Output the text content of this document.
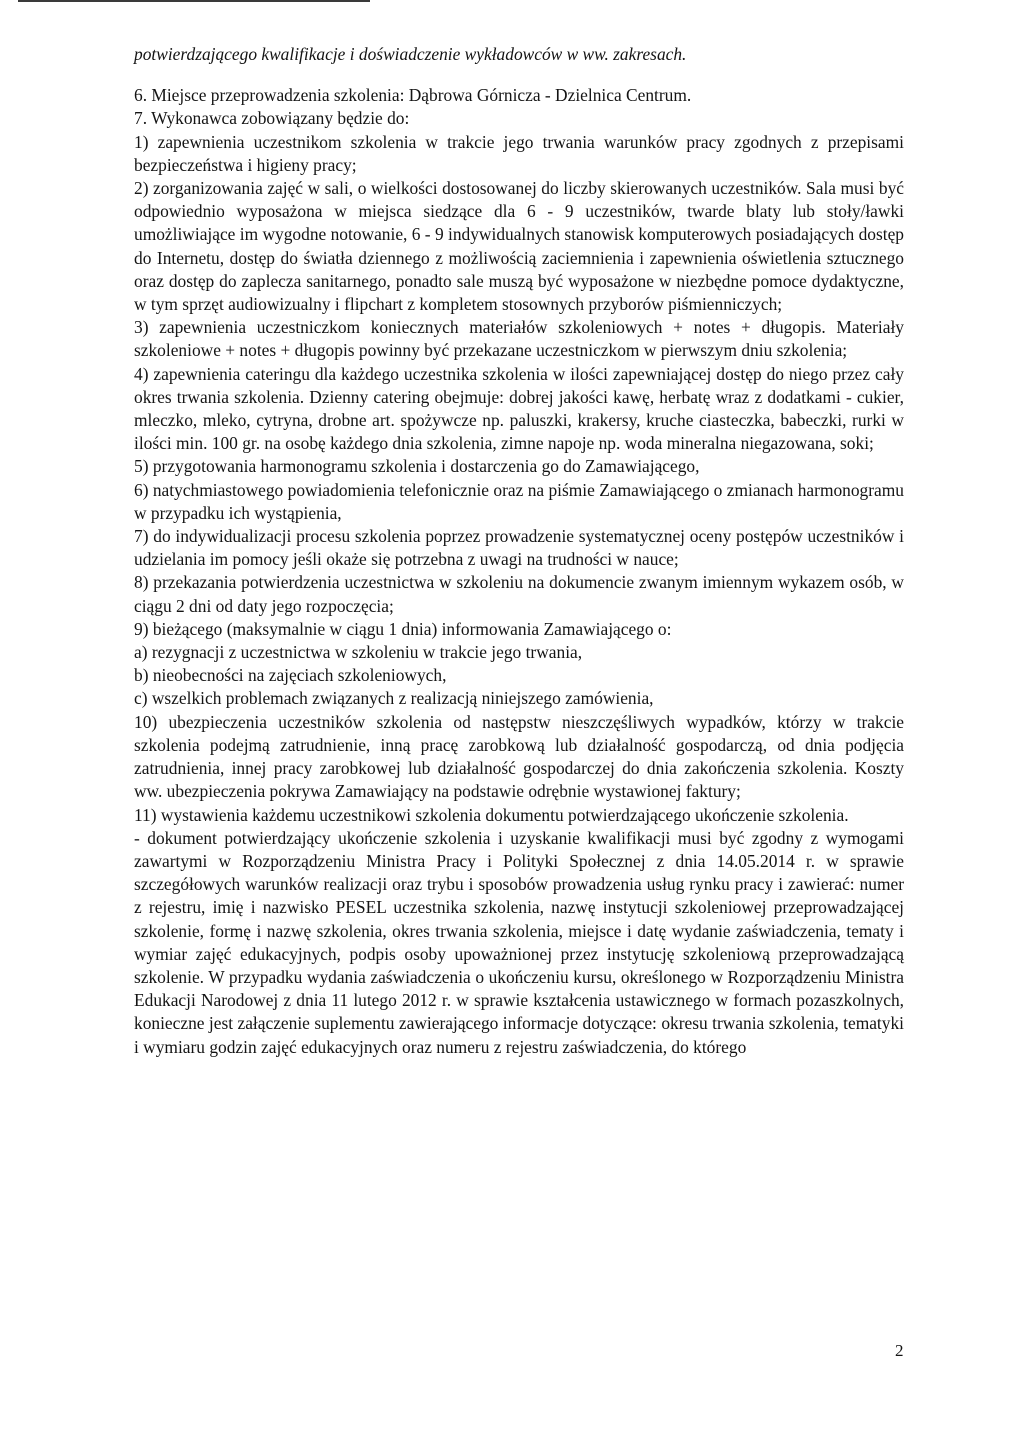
potwierdzającego kwalifikacje i doświadczenie wykładowców w ww. zakresach.

6. Miejsce przeprowadzenia szkolenia: Dąbrowa Górnicza - Dzielnica Centrum.

7. Wykonawca zobowiązany będzie do:

1) zapewnienia uczestnikom szkolenia w trakcie jego trwania warunków pracy zgodnych z przepisami bezpieczeństwa i higieny pracy;

2) zorganizowania zajęć w sali, o wielkości dostosowanej do liczby skierowanych uczestników. Sala musi być odpowiednio wyposażona w miejsca siedzące dla 6 - 9 uczestników, twarde blaty lub stoły/ławki umożliwiające im wygodne notowanie, 6 - 9 indywidualnych stanowisk komputerowych posiadających dostęp do Internetu, dostęp do światła dziennego z możliwością zaciemnienia i zapewnienia oświetlenia sztucznego oraz dostęp do zaplecza sanitarnego, ponadto sale muszą być wyposażone w niezbędne pomoce dydaktyczne, w tym sprzęt audiowizualny i flipchart z kompletem stosownych przyborów piśmienniczych;

3) zapewnienia uczestniczkom koniecznych materiałów szkoleniowych + notes + długopis. Materiały szkoleniowe + notes + długopis powinny być przekazane uczestniczkom w pierwszym dniu szkolenia;

4) zapewnienia cateringu dla każdego uczestnika szkolenia w ilości zapewniającej dostęp do niego przez cały okres trwania szkolenia. Dzienny catering obejmuje: dobrej jakości kawę, herbatę wraz z dodatkami - cukier, mleczko, mleko, cytryna, drobne art. spożywcze np. paluszki, krakersy, kruche ciasteczka, babeczki, rurki w ilości min. 100 gr. na osobę każdego dnia szkolenia, zimne napoje np. woda mineralna niegazowana, soki;

5) przygotowania harmonogramu szkolenia i dostarczenia go do Zamawiającego,

6) natychmiastowego powiadomienia telefonicznie oraz na piśmie Zamawiającego o zmianach harmonogramu w przypadku ich wystąpienia,

7) do indywidualizacji procesu szkolenia poprzez prowadzenie systematycznej oceny postępów uczestników i udzielania im pomocy jeśli okaże się potrzebna z uwagi na trudności w nauce;

8) przekazania potwierdzenia uczestnictwa w szkoleniu na dokumencie zwanym imiennym wykazem osób, w ciągu 2 dni od daty jego rozpoczęcia;

9) bieżącego (maksymalnie w ciągu 1 dnia) informowania Zamawiającego o:

a) rezygnacji z uczestnictwa w szkoleniu w trakcie jego trwania,

b) nieobecności na zajęciach szkoleniowych,

c) wszelkich problemach związanych z realizacją niniejszego zamówienia,

10) ubezpieczenia uczestników szkolenia od następstw nieszczęśliwych wypadków, którzy w trakcie szkolenia podejmą zatrudnienie, inną pracę zarobkową lub działalność gospodarczą, od dnia podjęcia zatrudnienia, innej pracy zarobkowej lub działalność gospodarczej do dnia zakończenia szkolenia. Koszty ww. ubezpieczenia pokrywa Zamawiający na podstawie odrębnie wystawionej faktury;

11) wystawienia każdemu uczestnikowi szkolenia dokumentu potwierdzającego ukończenie szkolenia.

- dokument potwierdzający ukończenie szkolenia i uzyskanie kwalifikacji musi być zgodny z wymogami zawartymi w Rozporządzeniu Ministra Pracy i Polityki Społecznej z dnia 14.05.2014 r. w sprawie szczegółowych warunków realizacji oraz trybu i sposobów prowadzenia usług rynku pracy i zawierać: numer z rejestru, imię i nazwisko PESEL uczestnika szkolenia, nazwę instytucji szkoleniowej przeprowadzającej szkolenie, formę i nazwę szkolenia, okres trwania szkolenia, miejsce i datę wydanie zaświadczenia, tematy i wymiar zajęć edukacyjnych, podpis osoby upoważnionej przez instytucję szkoleniową przeprowadzającą szkolenie. W przypadku wydania zaświadczenia o ukończeniu kursu, określonego w Rozporządzeniu Ministra Edukacji Narodowej z dnia 11 lutego 2012 r. w sprawie kształcenia ustawicznego w formach pozaszkolnych, konieczne jest załączenie suplementu zawierającego informacje dotyczące: okresu trwania szkolenia, tematyki i wymiaru godzin zajęć edukacyjnych oraz numeru z rejestru zaświadczenia, do którego

2
